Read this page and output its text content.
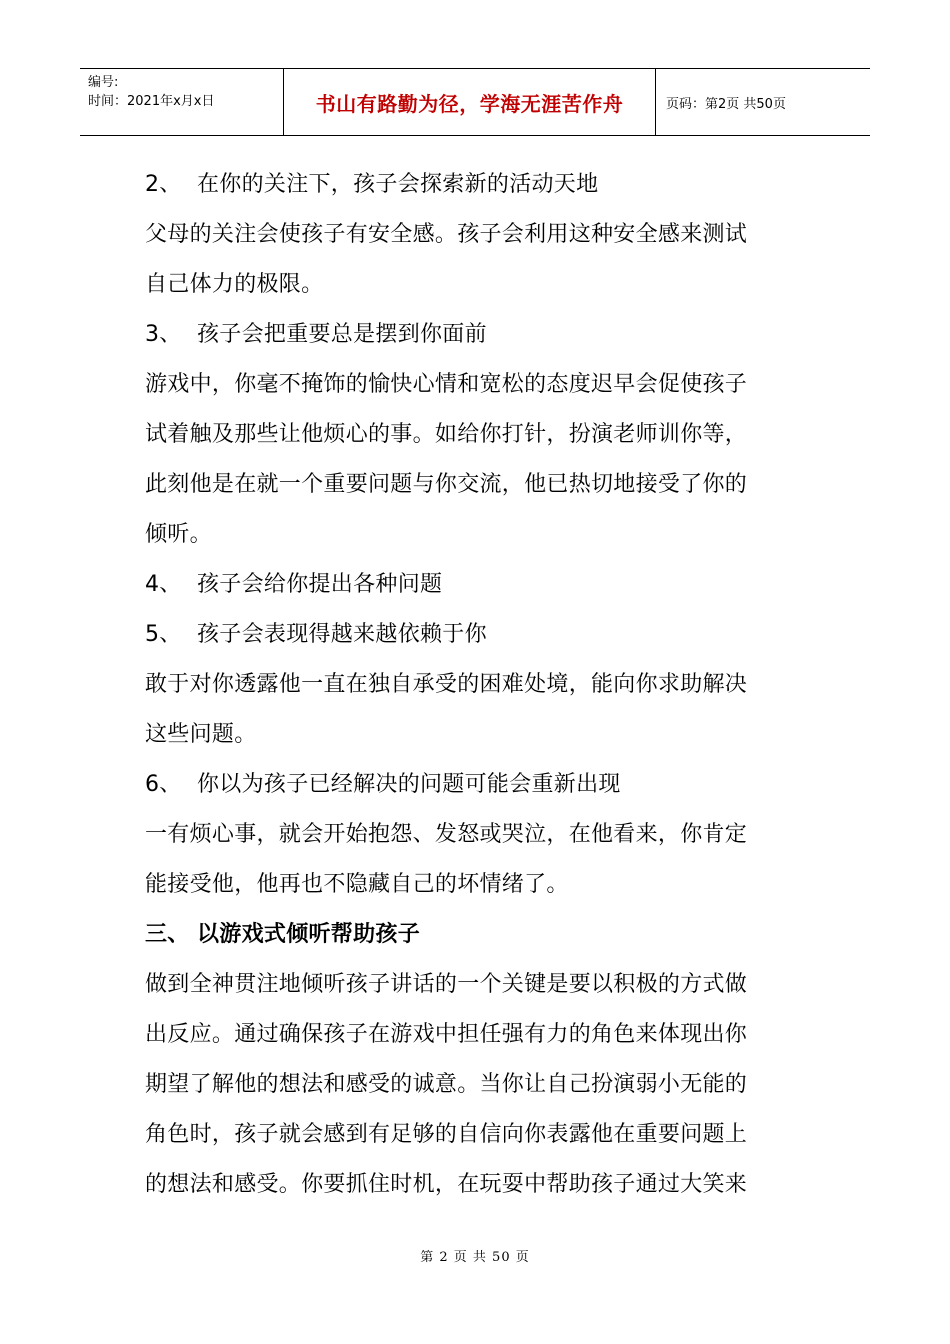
编号:
时间：2021年x月x日	书山有路勤为径，学海无涯苦作舟	页码：第2页 共50页
2、 在你的关注下，孩子会探索新的活动天地
父母的关注会使孩子有安全感。孩子会利用这种安全感来测试
自己体力的极限。
3、 孩子会把重要总是摆到你面前
游戏中，你毫不掩饰的愉快心情和宽松的态度迟早会促使孩子
试着触及那些让他烦心的事。如给你打针，扮演老师训你等，
此刻他是在就一个重要问题与你交流，他已热切地接受了你的
倾听。
4、 孩子会给你提出各种问题
5、 孩子会表现得越来越依赖于你
敢于对你透露他一直在独自承受的困难处境，能向你求助解决
这些问题。
6、 你以为孩子已经解决的问题可能会重新出现
一有烦心事，就会开始抱怨、发怒或哭泣，在他看来，你肯定
能接受他，他再也不隐藏自己的坏情绪了。
三、 以游戏式倾听帮助孩子
做到全神贯注地倾听孩子讲话的一个关键是要以积极的方式做
出反应。通过确保孩子在游戏中担任强有力的角色来体现出你
期望了解他的想法和感受的诚意。当你让自己扮演弱小无能的
角色时，孩子就会感到有足够的自信向你表露他在重要问题上
的想法和感受。你要抓住时机，在玩耍中帮助孩子通过大笑来
第 2 页 共 50 页
